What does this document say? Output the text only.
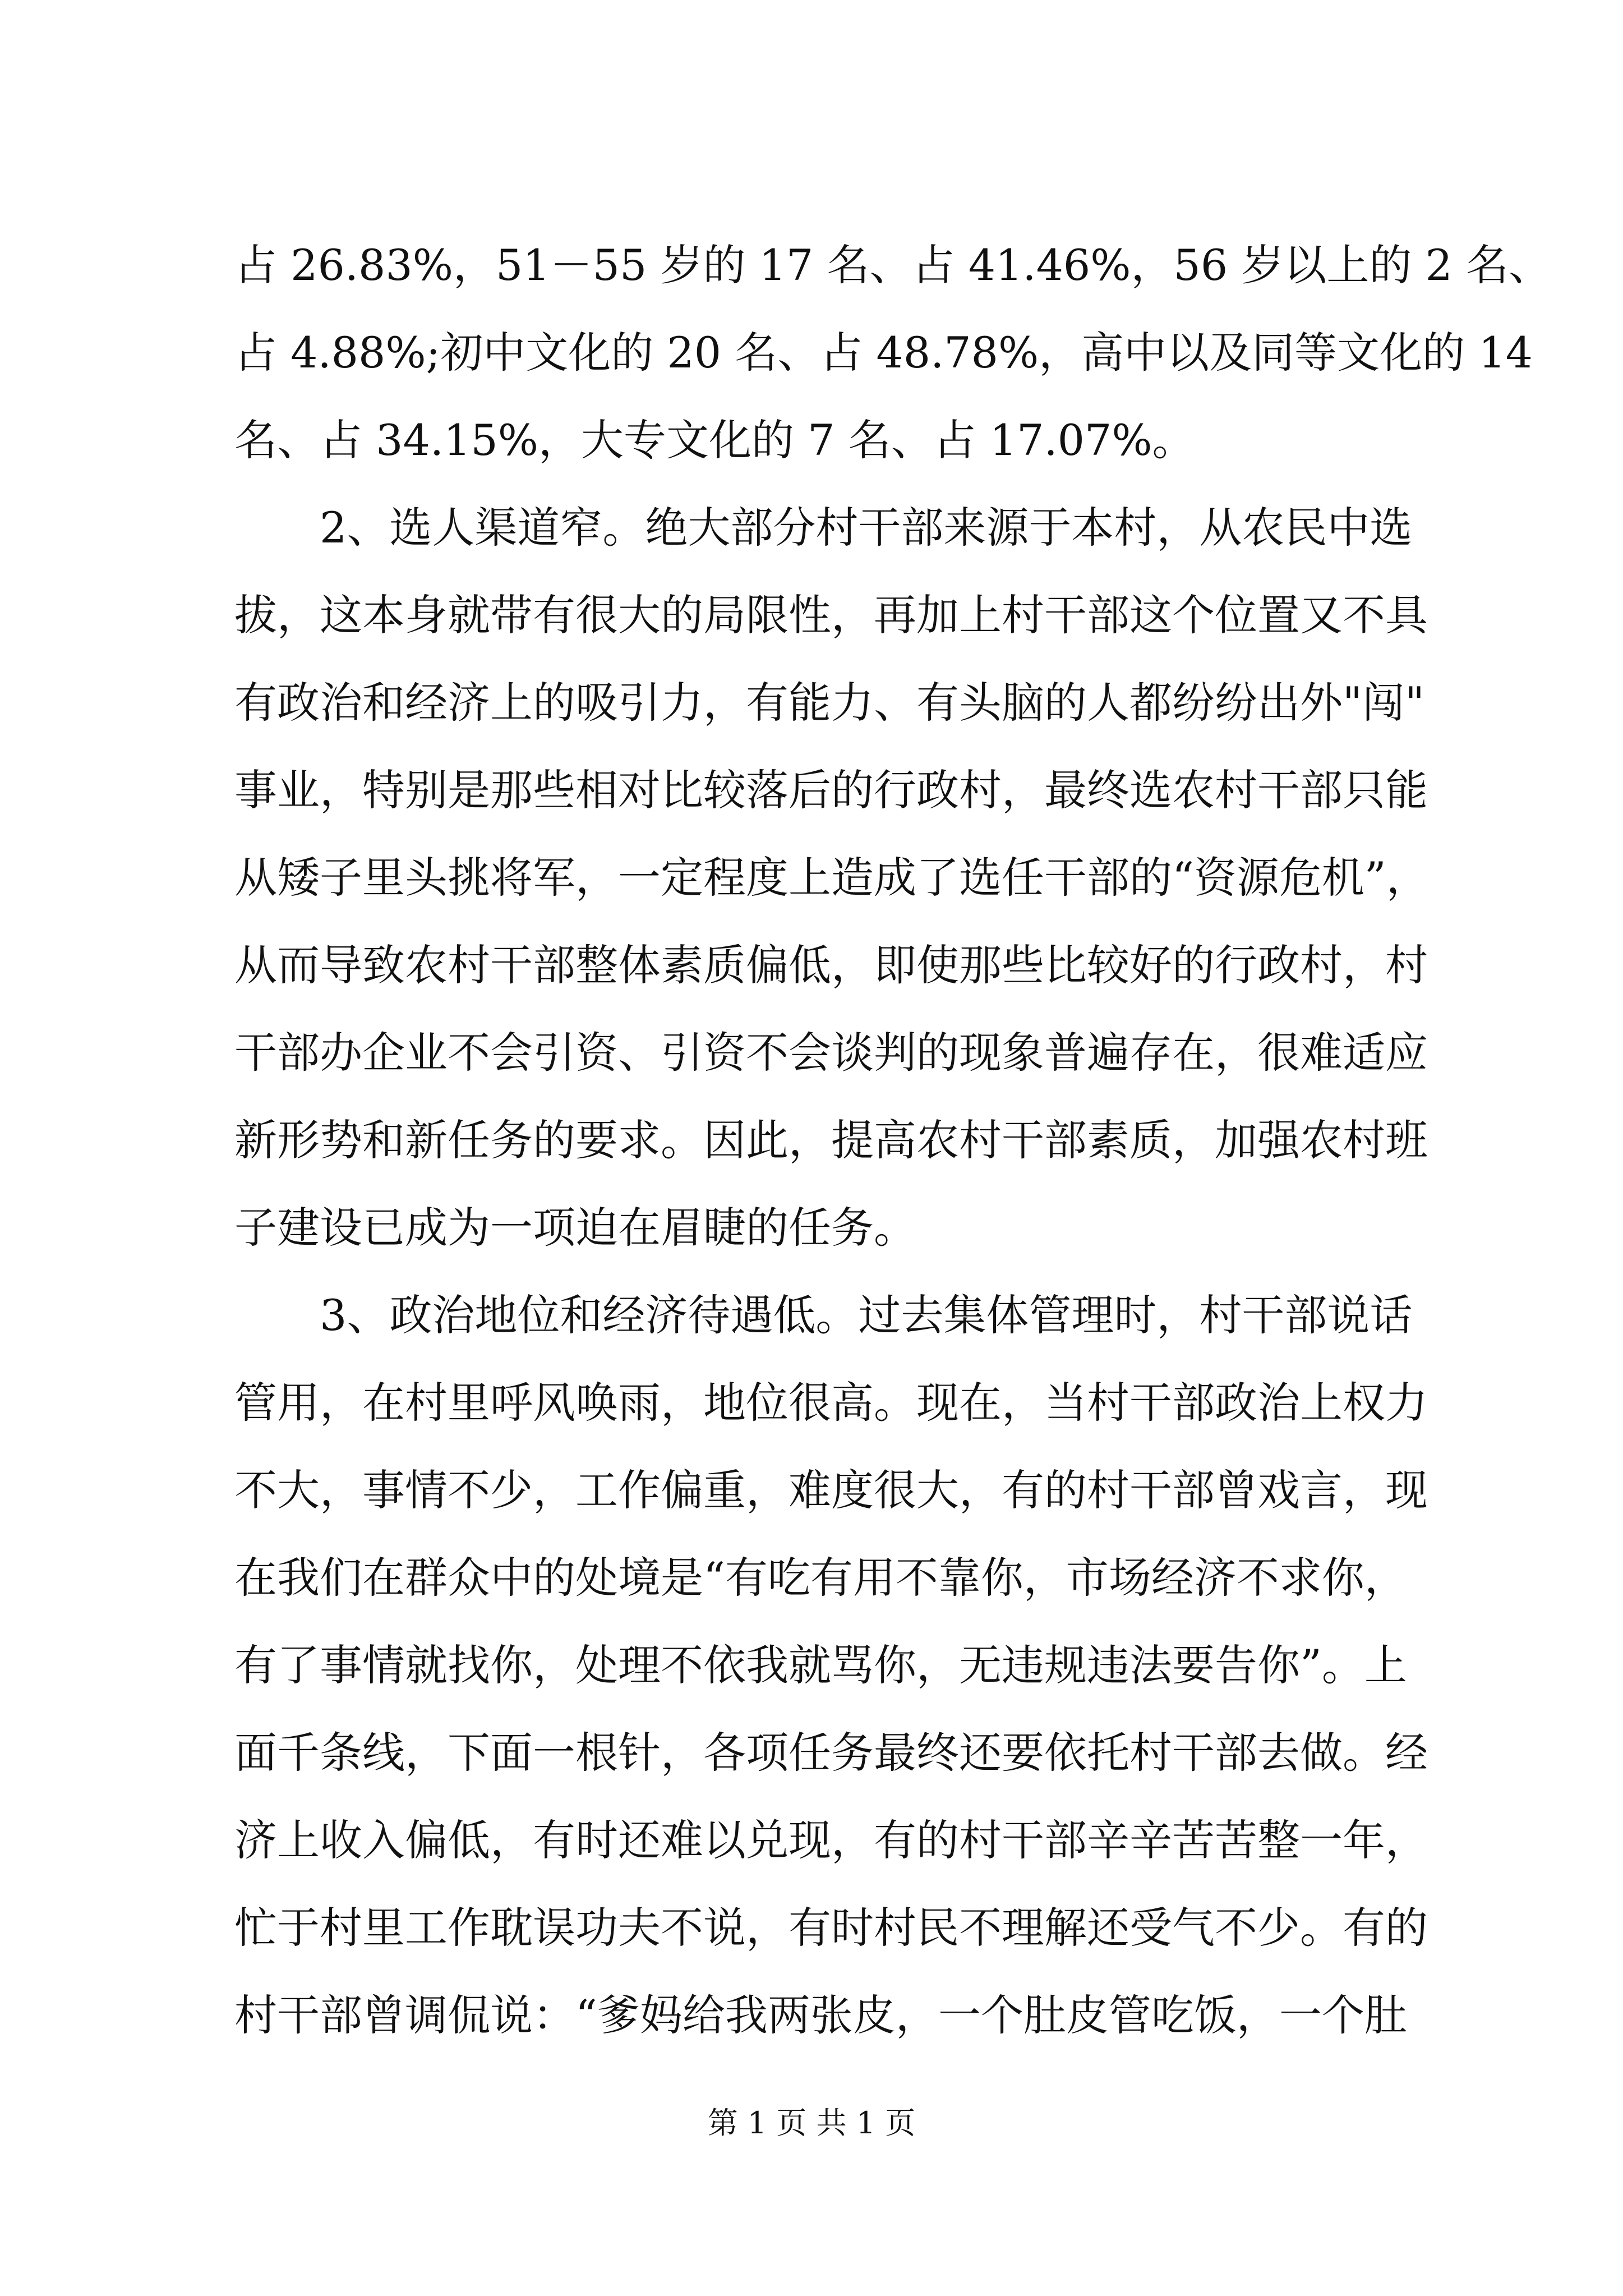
占 26.83%，51－55 岁的 17 名、占 41.46%，56 岁以上的 2 名、
占 4.88%;初中文化的 20 名、占 48.78%，高中以及同等文化的 14
名、占 34.15%，大专文化的 7 名、占 17.07%。
　　2、选人渠道窄。绝大部分村干部来源于本村，从农民中选
拔，这本身就带有很大的局限性，再加上村干部这个位置又不具
有政治和经济上的吸引力，有能力、有头脑的人都纷纷出外"闯"
事业，特别是那些相对比较落后的行政村，最终选农村干部只能
从矮子里头挑将军，一定程度上造成了选任干部的“资源危机”，
从而导致农村干部整体素质偏低，即使那些比较好的行政村，村
干部办企业不会引资、引资不会谈判的现象普遍存在，很难适应
新形势和新任务的要求。因此，提高农村干部素质，加强农村班
子建设已成为一项迫在眉睫的任务。
　　3、政治地位和经济待遇低。过去集体管理时，村干部说话
管用，在村里呼风唤雨，地位很高。现在，当村干部政治上权力
不大，事情不少，工作偏重，难度很大，有的村干部曾戏言，现
在我们在群众中的处境是“有吃有用不靠你，市场经济不求你，
有了事情就找你，处理不依我就骂你，无违规违法要告你”。上
面千条线，下面一根针，各项任务最终还要依托村干部去做。经
济上收入偏低，有时还难以兑现，有的村干部辛辛苦苦整一年，
忙于村里工作耽误功夫不说，有时村民不理解还受气不少。有的
村干部曾调侃说：“爹妈给我两张皮，一个肚皮管吃饭，一个肚
第 1 页 共 1 页
